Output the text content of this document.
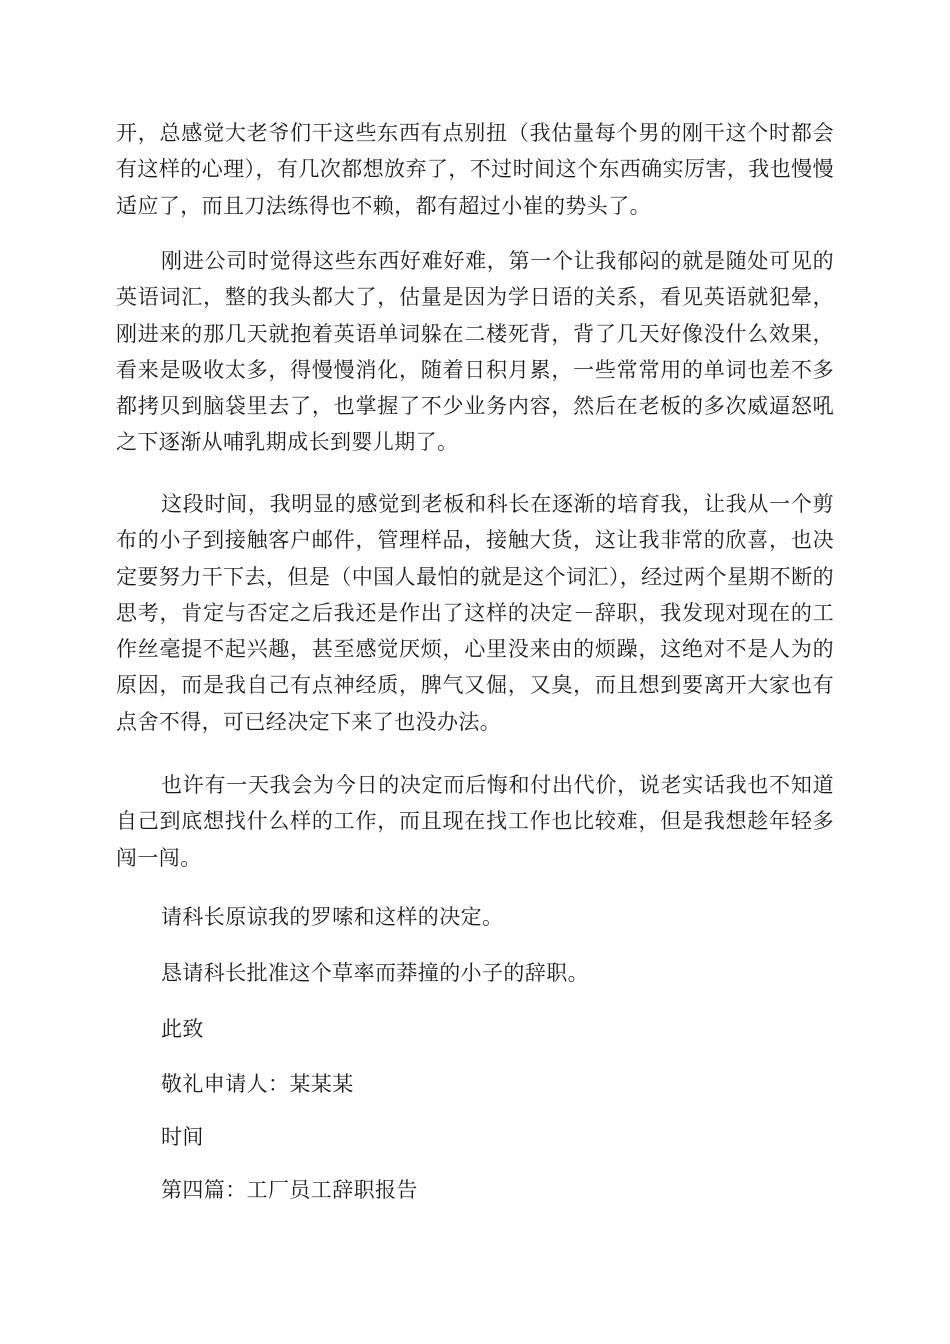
开，总感觉大老爷们干这些东西有点别扭（我估量每个男的刚干这个时都会有这样的心理），有几次都想放弃了，不过时间这个东西确实厉害，我也慢慢适应了，而且刀法练得也不赖，都有超过小崔的势头了。

刚进公司时觉得这些东西好难好难，第一个让我郁闷的就是随处可见的英语词汇，整的我头都大了，估量是因为学日语的关系，看见英语就犯晕，刚进来的那几天就抱着英语单词躲在二楼死背，背了几天好像没什么效果，看来是吸收太多，得慢慢消化，随着日积月累，一些常常用的单词也差不多都拷贝到脑袋里去了，也掌握了不少业务内容，然后在老板的多次威逼怒吼之下逐渐从哺乳期成长到婴儿期了。

这段时间，我明显的感觉到老板和科长在逐渐的培育我，让我从一个剪布的小子到接触客户邮件，管理样品，接触大货，这让我非常的欣喜，也决定要努力干下去，但是（中国人最怕的就是这个词汇），经过两个星期不断的思考，肯定与否定之后我还是作出了这样的决定－辞职，我发现对现在的工作丝毫提不起兴趣，甚至感觉厌烦，心里没来由的烦躁，这绝对不是人为的原因，而是我自己有点神经质，脾气又倔，又臭，而且想到要离开大家也有点舍不得，可已经决定下来了也没办法。

也许有一天我会为今日的决定而后悔和付出代价，说老实话我也不知道自己到底想找什么样的工作，而且现在找工作也比较难，但是我想趁年轻多闯一闯。

请科长原谅我的罗嗦和这样的决定。

恳请科长批准这个草率而莽撞的小子的辞职。

此致

敬礼申请人：某某某

时间

第四篇：工厂员工辞职报告
